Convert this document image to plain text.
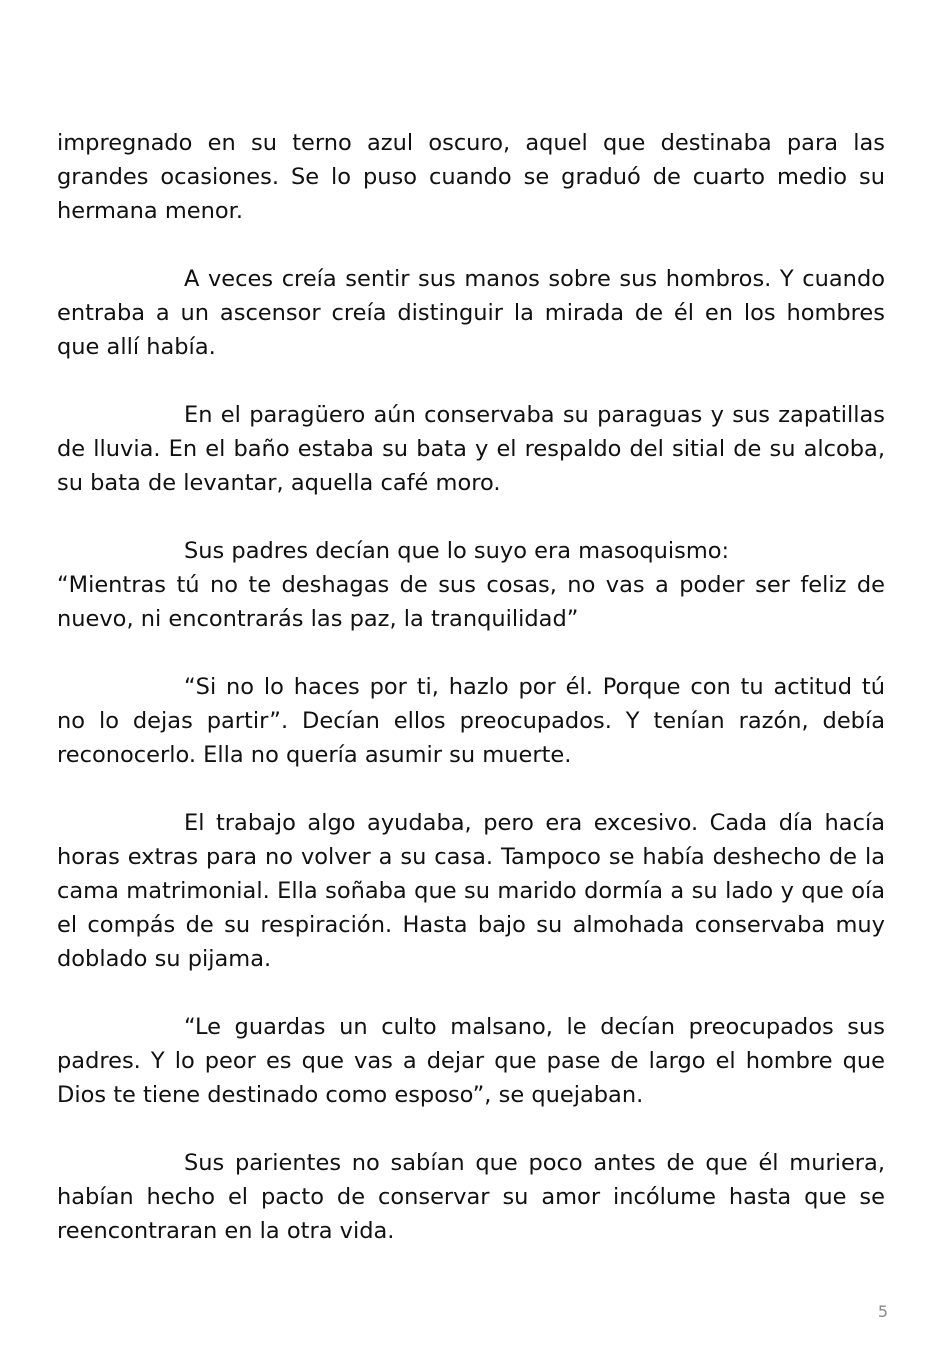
impregnado en su terno azul oscuro, aquel que destinaba para las grandes ocasiones. Se lo puso cuando se graduó de cuarto medio su hermana menor.

A veces creía sentir sus manos sobre sus hombros. Y cuando entraba a un ascensor creía distinguir la mirada de él en los hombres que allí había.

En el paragüero aún conservaba su paraguas y sus zapatillas de lluvia. En el baño estaba su bata y el respaldo del sitial de su alcoba, su bata de levantar, aquella café moro.

Sus padres decían que lo suyo era masoquismo:
“Mientras tú no te deshagas de sus cosas, no vas a poder ser feliz de nuevo, ni encontrarás las paz, la tranquilidad”

“Si no lo haces por ti, hazlo por él. Porque con tu actitud tú no lo dejas partir”. Decían ellos preocupados. Y tenían razón, debía reconocerlo. Ella no quería asumir su muerte.

El trabajo algo ayudaba, pero era excesivo. Cada día hacía horas extras para no volver a su casa. Tampoco se había deshecho de la cama matrimonial. Ella soñaba que su marido dormía a su lado y que oía el compás de su respiración. Hasta bajo su almohada conservaba muy doblado su pijama.

“Le guardas un culto malsano, le decían preocupados sus padres. Y lo peor es que vas a dejar que pase de largo el hombre que Dios te tiene destinado como esposo”, se quejaban.

Sus parientes no sabían que poco antes de que él muriera, habían hecho el pacto de conservar su amor incólume hasta que se reencontraran en la otra vida.

5
